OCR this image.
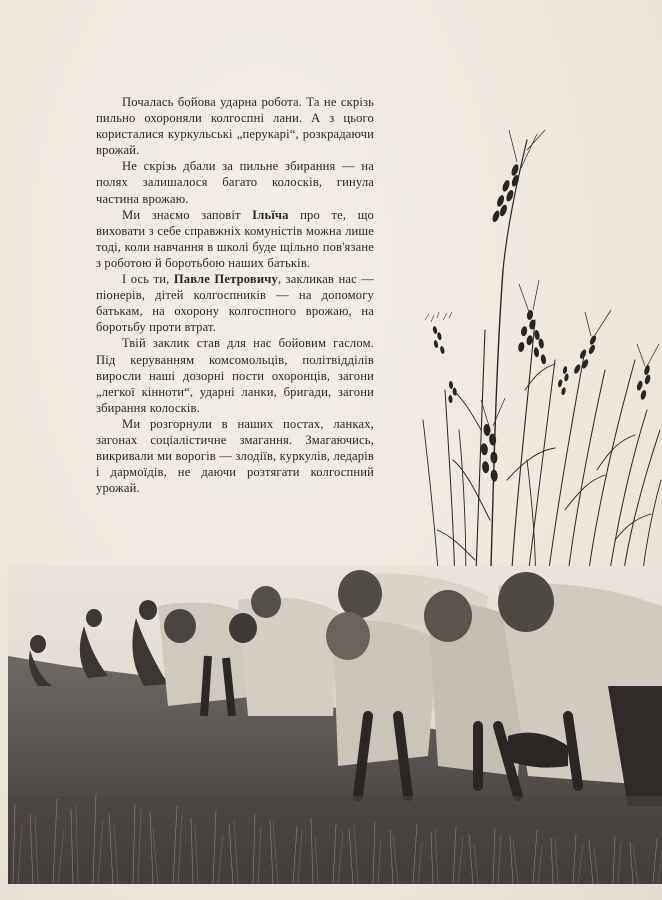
Почалась бойова ударна робота. Та не скрізь пильно охороняли колгоспні лани. А з цього користалися куркульські „перукарі“, розкрадаючи врожай.

Не скрізь дбали за пильне збирання — на полях залишалося багато колосків, гинула частина врожаю.

Ми знаємо заповіт Ільїча про те, що виховати з себе справжніх комуністів можна лише тоді, коли навчання в школі буде щільно пов'язане з роботою й боротьбою наших батьків.

І ось ти, Павле Петровичу, закликав нас — піонерів, дітей колгоспників — на допомогу батькам, на охорону колгоспного врожаю, на боротьбу проти втрат.

Твій заклик став для нас бойовим гаслом. Під керуванням комсомольців, політвідділів виросли наші дозорні пости охоронців, загони „легкої кінноти“, ударні ланки, бригади, загони збирання колосків.

Ми розгорнули в наших постах, ланках, загонах соціалістичне змагання. Змагаючись, викривали ми ворогів — злодіїв, куркулів, ледарів і дармоїдів, не даючи розтягати колгоспний урожай.
